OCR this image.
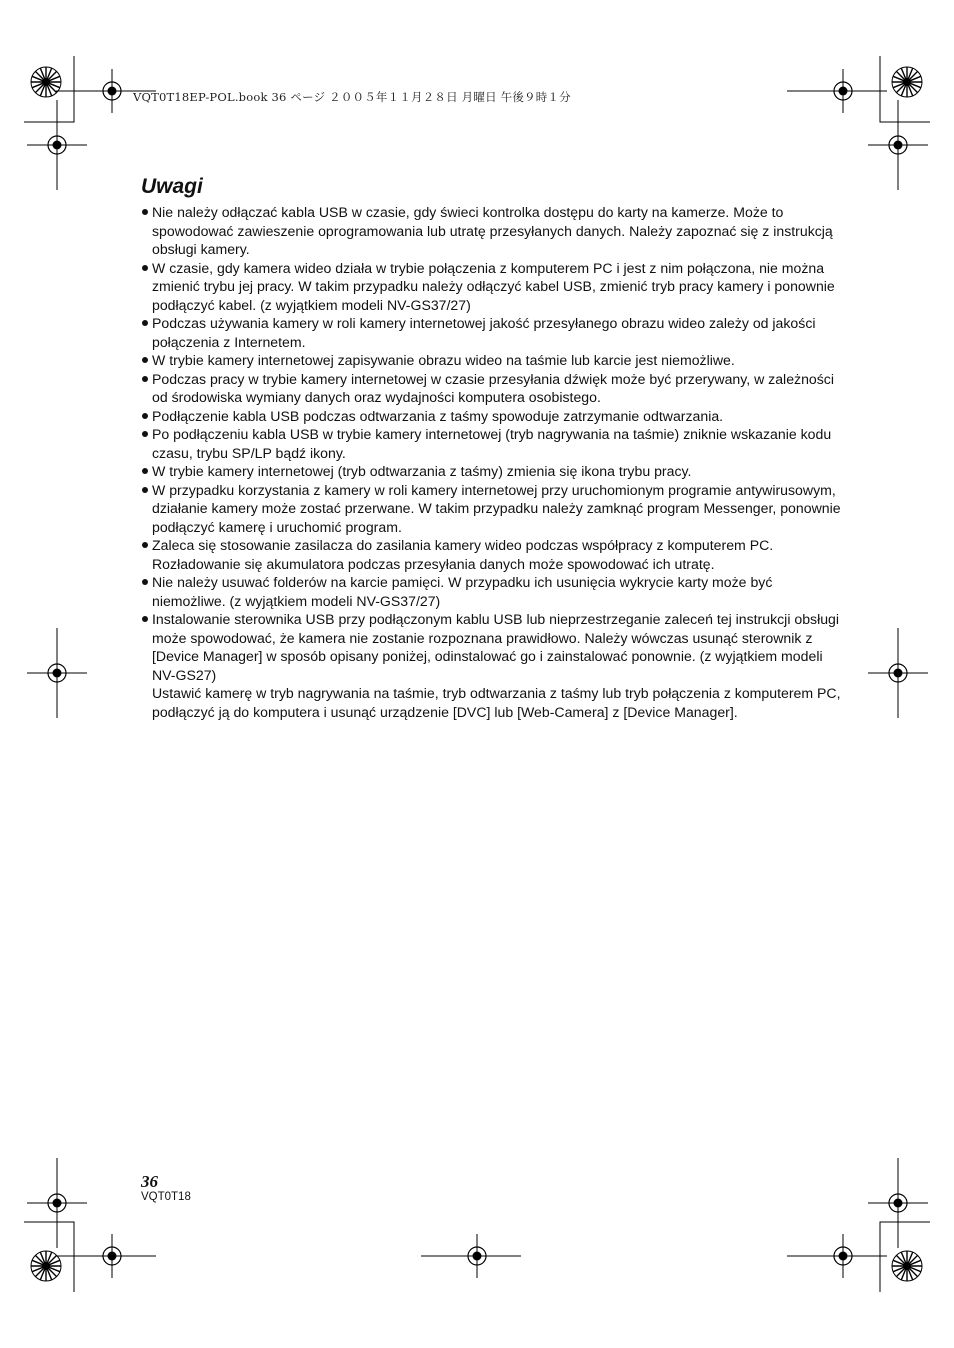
VQT0T18EP-POL.book 36 ページ ２００５年１１月２８日 月曜日 午後９時１分
Uwagi
Nie należy odłączać kabla USB w czasie, gdy świeci kontrolka dostępu do karty na kamerze. Może to spowodować zawieszenie oprogramowania lub utratę przesyłanych danych. Należy zapoznać się z instrukcją obsługi kamery.
W czasie, gdy kamera wideo działa w trybie połączenia z komputerem PC i jest z nim połączona, nie można zmienić trybu jej pracy. W takim przypadku należy odłączyć kabel USB, zmienić tryb pracy kamery i ponownie podłączyć kabel. (z wyjątkiem modeli NV-GS37/27)
Podczas używania kamery w roli kamery internetowej jakość przesyłanego obrazu wideo zależy od jakości połączenia z Internetem.
W trybie kamery internetowej zapisywanie obrazu wideo na taśmie lub karcie jest niemożliwe.
Podczas pracy w trybie kamery internetowej w czasie przesyłania dźwięk może być przerywany, w zależności od środowiska wymiany danych oraz wydajności komputera osobistego.
Podłączenie kabla USB podczas odtwarzania z taśmy spowoduje zatrzymanie odtwarzania.
Po podłączeniu kabla USB w trybie kamery internetowej (tryb nagrywania na taśmie) zniknie wskazanie kodu czasu, trybu SP/LP bądź ikony.
W trybie kamery internetowej (tryb odtwarzania z taśmy) zmienia się ikona trybu pracy.
W przypadku korzystania z kamery w roli kamery internetowej przy uruchomionym programie antywirusowym, działanie kamery może zostać przerwane. W takim przypadku należy zamknąć program Messenger, ponownie podłączyć kamerę i uruchomić program.
Zaleca się stosowanie zasilacza do zasilania kamery wideo podczas współpracy z komputerem PC. Rozładowanie się akumulatora podczas przesyłania danych może spowodować ich utratę.
Nie należy usuwać folderów na karcie pamięci. W przypadku ich usunięcia wykrycie karty może być niemożliwe. (z wyjątkiem modeli NV-GS37/27)
Instalowanie sterownika USB przy podłączonym kablu USB lub nieprzestrzeganie zaleceń tej instrukcji obsługi może spowodować, że kamera nie zostanie rozpoznana prawidłowo. Należy wówczas usunąć sterownik z [Device Manager] w sposób opisany poniżej, odinstalować go i zainstalować ponownie. (z wyjątkiem modeli NV-GS27)
Ustawić kamerę w tryb nagrywania na taśmie, tryb odtwarzania z taśmy lub tryb połączenia z komputerem PC, podłączyć ją do komputera i usunąć urządzenie [DVC] lub [Web-Camera] z [Device Manager].
36
VQT0T18
